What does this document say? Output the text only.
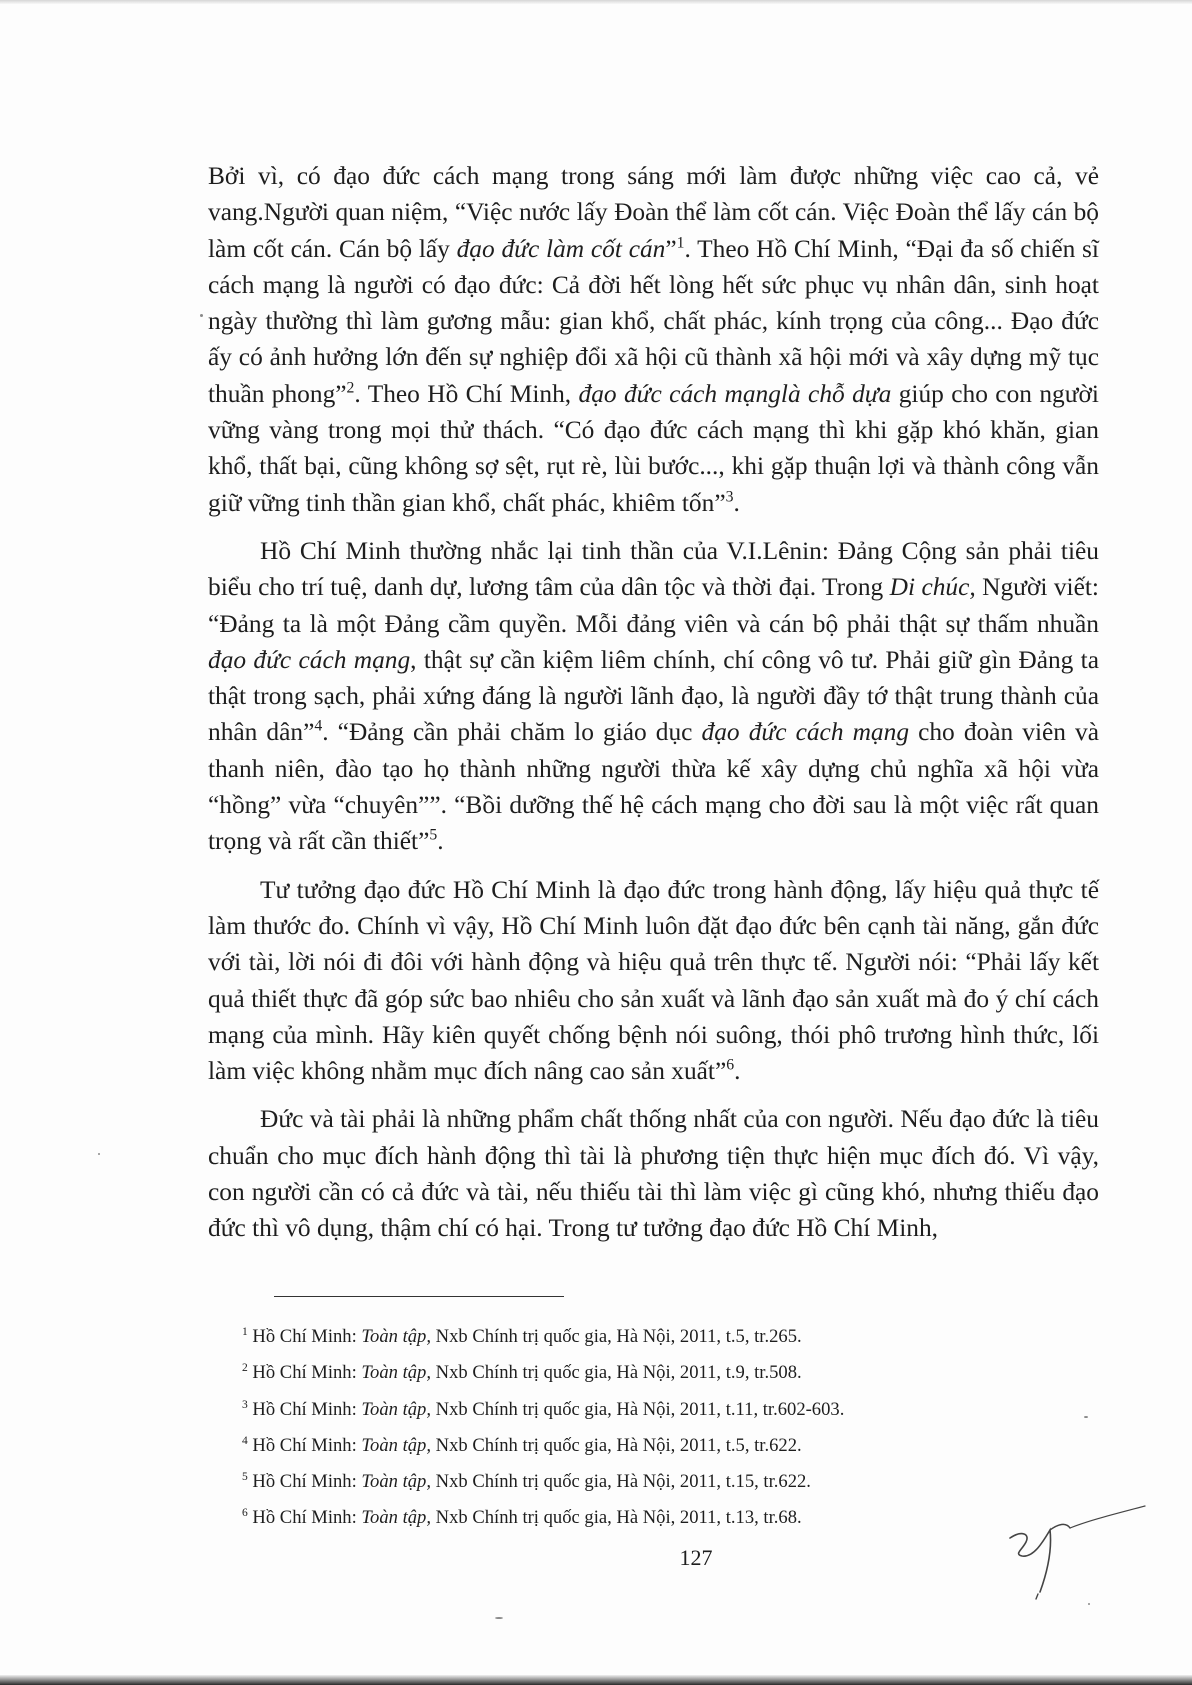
Bởi vì, có đạo đức cách mạng trong sáng mới làm được những việc cao cả, vẻ vang.Người quan niệm, “Việc nước lấy Đoàn thể làm cốt cán. Việc Đoàn thể lấy cán bộ làm cốt cán. Cán bộ lấy đạo đức làm cốt cán”$^1$. Theo Hồ Chí Minh, “Đại đa số chiến sĩ cách mạng là người có đạo đức: Cả đời hết lòng hết sức phục vụ nhân dân, sinh hoạt ngày thường thì làm gương mẫu: gian khổ, chất phác, kính trọng của công... Đạo đức ấy có ảnh hưởng lớn đến sự nghiệp đổi xã hội cũ thành xã hội mới và xây dựng mỹ tục thuần phong”$^2$. Theo Hồ Chí Minh, đạo đức cách mạnglà chỗ dựa giúp cho con người vững vàng trong mọi thử thách. “Có đạo đức cách mạng thì khi gặp khó khăn, gian khổ, thất bại, cũng không sợ sệt, rụt rè, lùi bước..., khi gặp thuận lợi và thành công vẫn giữ vững tinh thần gian khổ, chất phác, khiêm tốn”$^3$.

Hồ Chí Minh thường nhắc lại tinh thần của V.I.Lênin: Đảng Cộng sản phải tiêu biểu cho trí tuệ, danh dự, lương tâm của dân tộc và thời đại. Trong Di chúc, Người viết: “Đảng ta là một Đảng cầm quyền. Mỗi đảng viên và cán bộ phải thật sự thấm nhuần đạo đức cách mạng, thật sự cần kiệm liêm chính, chí công vô tư. Phải giữ gìn Đảng ta thật trong sạch, phải xứng đáng là người lãnh đạo, là người đầy tớ thật trung thành của nhân dân”$^4$. “Đảng cần phải chăm lo giáo dục đạo đức cách mạng cho đoàn viên và thanh niên, đào tạo họ thành những người thừa kế xây dựng chủ nghĩa xã hội vừa “hồng” vừa “chuyên””. “Bồi dưỡng thế hệ cách mạng cho đời sau là một việc rất quan trọng và rất cần thiết”$^5$.

Tư tưởng đạo đức Hồ Chí Minh là đạo đức trong hành động, lấy hiệu quả thực tế làm thước đo. Chính vì vậy, Hồ Chí Minh luôn đặt đạo đức bên cạnh tài năng, gắn đức với tài, lời nói đi đôi với hành động và hiệu quả trên thực tế. Người nói: “Phải lấy kết quả thiết thực đã góp sức bao nhiêu cho sản xuất và lãnh đạo sản xuất mà đo ý chí cách mạng của mình. Hãy kiên quyết chống bệnh nói suông, thói phô trương hình thức, lối làm việc không nhằm mục đích nâng cao sản xuất”$^6$.

Đức và tài phải là những phẩm chất thống nhất của con người. Nếu đạo đức là tiêu chuẩn cho mục đích hành động thì tài là phương tiện thực hiện mục đích đó. Vì vậy, con người cần có cả đức và tài, nếu thiếu tài thì làm việc gì cũng khó, nhưng thiếu đạo đức thì vô dụng, thậm chí có hại. Trong tư tưởng đạo đức Hồ Chí Minh,

$^1$ Hồ Chí Minh: Toàn tập, Nxb Chính trị quốc gia, Hà Nội, 2011, t.5, tr.265.
$^2$ Hồ Chí Minh: Toàn tập, Nxb Chính trị quốc gia, Hà Nội, 2011, t.9, tr.508.
$^3$ Hồ Chí Minh: Toàn tập, Nxb Chính trị quốc gia, Hà Nội, 2011, t.11, tr.602-603.
$^4$ Hồ Chí Minh: Toàn tập, Nxb Chính trị quốc gia, Hà Nội, 2011, t.5, tr.622.
$^5$ Hồ Chí Minh: Toàn tập, Nxb Chính trị quốc gia, Hà Nội, 2011, t.15, tr.622.
$^6$ Hồ Chí Minh: Toàn tập, Nxb Chính trị quốc gia, Hà Nội, 2011, t.13, tr.68.
127
